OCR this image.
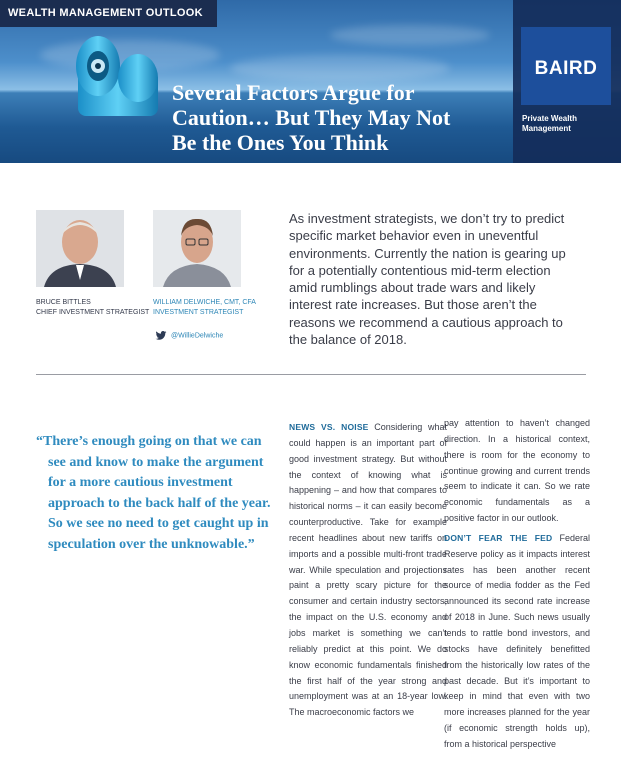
WEALTH MANAGEMENT OUTLOOK
Several Factors Argue for Caution… But They May Not Be the Ones You Think
BAIRD
Private Wealth Management
BRUCE BITTLES
CHIEF INVESTMENT STRATEGIST
WILLIAM DELWICHE, CMT, CFA
INVESTMENT STRATEGIST
@WillieDelwiche

As investment strategists, we don’t try to predict specific market behavior even in uneventful environments. Currently the nation is gearing up for a potentially contentious mid-term election amid rumblings about trade wars and likely interest rate increases. But those aren’t the reasons we recommend a cautious approach to the balance of 2018.

“There’s enough going on that we can see and know to make the argument for a more cautious investment approach to the back half of the year. So we see no need to get caught up in speculation over the unknowable.”

NEWS VS. NOISE Considering what could happen is an important part of good investment strategy. But without the context of knowing what is happening – and how that compares to historical norms – it can easily become counterproductive. Take for example recent headlines about new tariffs on imports and a possible multi-front trade war. While speculation and projections paint a pretty scary picture for the consumer and certain industry sectors, the impact on the U.S. economy and jobs market is something we can’t reliably predict at this point. We do know economic fundamentals finished the first half of the year strong and unemployment was at an 18-year low. The macroeconomic factors we

pay attention to haven’t changed direction. In a historical context, there is room for the economy to continue growing and current trends seem to indicate it can. So we rate economic fundamentals as a positive factor in our outlook.

DON’T FEAR THE FED Federal Reserve policy as it impacts interest rates has been another recent source of media fodder as the Fed announced its second rate increase of 2018 in June. Such news usually tends to rattle bond investors, and stocks have definitely benefitted from the historically low rates of the past decade. But it’s important to keep in mind that even with two more increases planned for the year (if economic strength holds up), from a historical perspective
